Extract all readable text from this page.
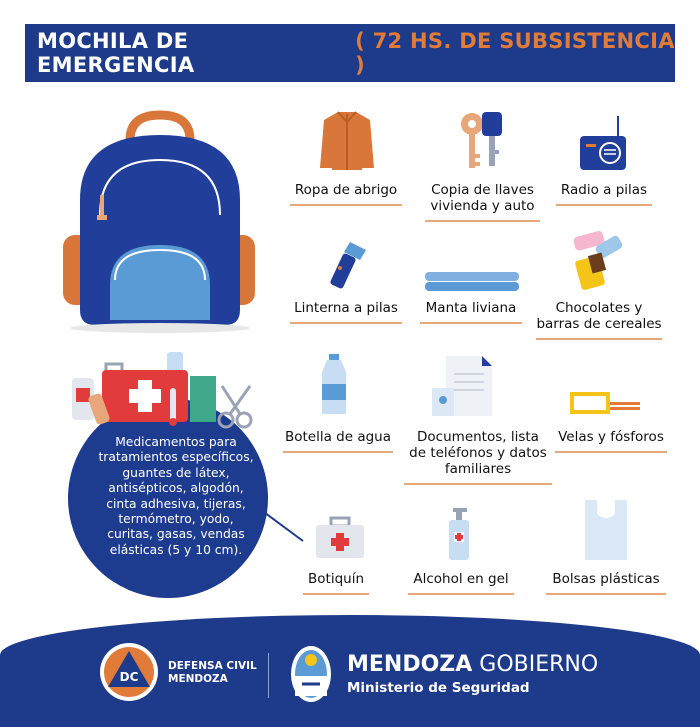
MOCHILA DE EMERGENCIA
( 72 HS. DE SUBSISTENCIA )
Ropa de abrigo	Copia de llaves
vivienda y auto
Radio a pilas
Linterna a pilas	Manta liviana	Chocolates y
barras de cereales
Botella de agua	Documentos, lista
de teléfonos y datos
familiares
Velas y fósforos
Botiquín	Alcohol en gel	Bolsas plásticas
Medicamentos para
tratamientos específicos,
guantes de látex,
antisépticos, algodón,
cinta adhesiva, tijeras,
termómetro, yodo,
curitas, gasas, vendas
elásticas (5 y 10 cm).
DC
DEFENSA CIVIL
MENDOZA
MENDOZA GOBIERNO
Ministerio de Seguridad
